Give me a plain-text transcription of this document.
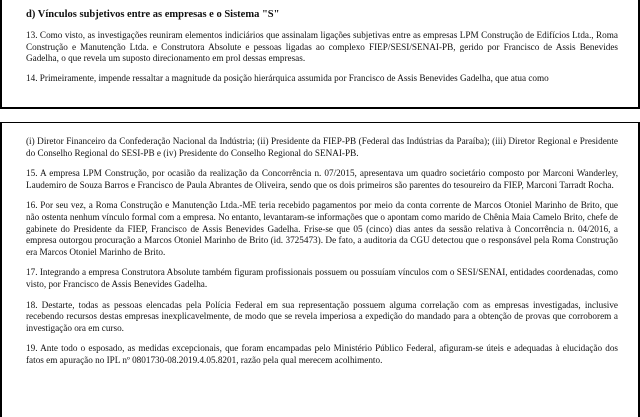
d) Vínculos subjetivos entre as empresas e o Sistema "S"

13. Como visto, as investigações reuniram elementos indiciários que assinalam ligações subjetivas entre as empresas LPM Construção de Edifícios Ltda., Roma Construção e Manutenção Ltda. e Construtora Absolute e pessoas ligadas ao complexo FIEP/SESI/SENAI-PB, gerido por Francisco de Assis Benevides Gadelha, o que revela um suposto direcionamento em prol dessas empresas.

14. Primeiramente, impende ressaltar a magnitude da posição hierárquica assumida por Francisco de Assis Benevides Gadelha, que atua como

(i) Diretor Financeiro da Confederação Nacional da Indústria; (ii) Presidente da FIEP-PB (Federal das Indústrias da Paraíba); (iii) Diretor Regional e Presidente do Conselho Regional do SESI-PB e (iv) Presidente do Conselho Regional do SENAI-PB.

15. A empresa LPM Construção, por ocasião da realização da Concorrência n. 07/2015, apresentava um quadro societário composto por Marconi Wanderley, Laudemiro de Souza Barros e Francisco de Paula Abrantes de Oliveira, sendo que os dois primeiros são parentes do tesoureiro da FIEP, Marconi Tarradt Rocha.

16. Por seu vez, a Roma Construção e Manutenção Ltda.-ME teria recebido pagamentos por meio da conta corrente de Marcos Otoniel Marinho de Brito, que não ostenta nenhum vínculo formal com a empresa. No entanto, levantaram-se informações que o apontam como marido de Chênia Maia Camelo Brito, chefe de gabinete do Presidente da FIEP, Francisco de Assis Benevides Gadelha. Frise-se que 05 (cinco) dias antes da sessão relativa à Concorrência n. 04/2016, a empresa outorgou procuração a Marcos Otoniel Marinho de Brito (id. 3725473). De fato, a auditoria da CGU detectou que o responsável pela Roma Construção era Marcos Otoniel Marinho de Brito.

17. Integrando a empresa Construtora Absolute também figuram profissionais possuem ou possuíam vínculos com o SESI/SENAI, entidades coordenadas, como visto, por Francisco de Assis Benevides Gadelha.

18. Destarte, todas as pessoas elencadas pela Polícia Federal em sua representação possuem alguma correlação com as empresas investigadas, inclusive recebendo recursos destas empresas inexplicavelmente, de modo que se revela imperiosa a expedição do mandado para a obtenção de provas que corroborem a investigação ora em curso.

19. Ante todo o esposado, as medidas excepcionais, que foram encampadas pelo Ministério Público Federal, afiguram-se úteis e adequadas à elucidação dos fatos em apuração no IPL nº 0801730-08.2019.4.05.8201, razão pela qual merecem acolhimento.
